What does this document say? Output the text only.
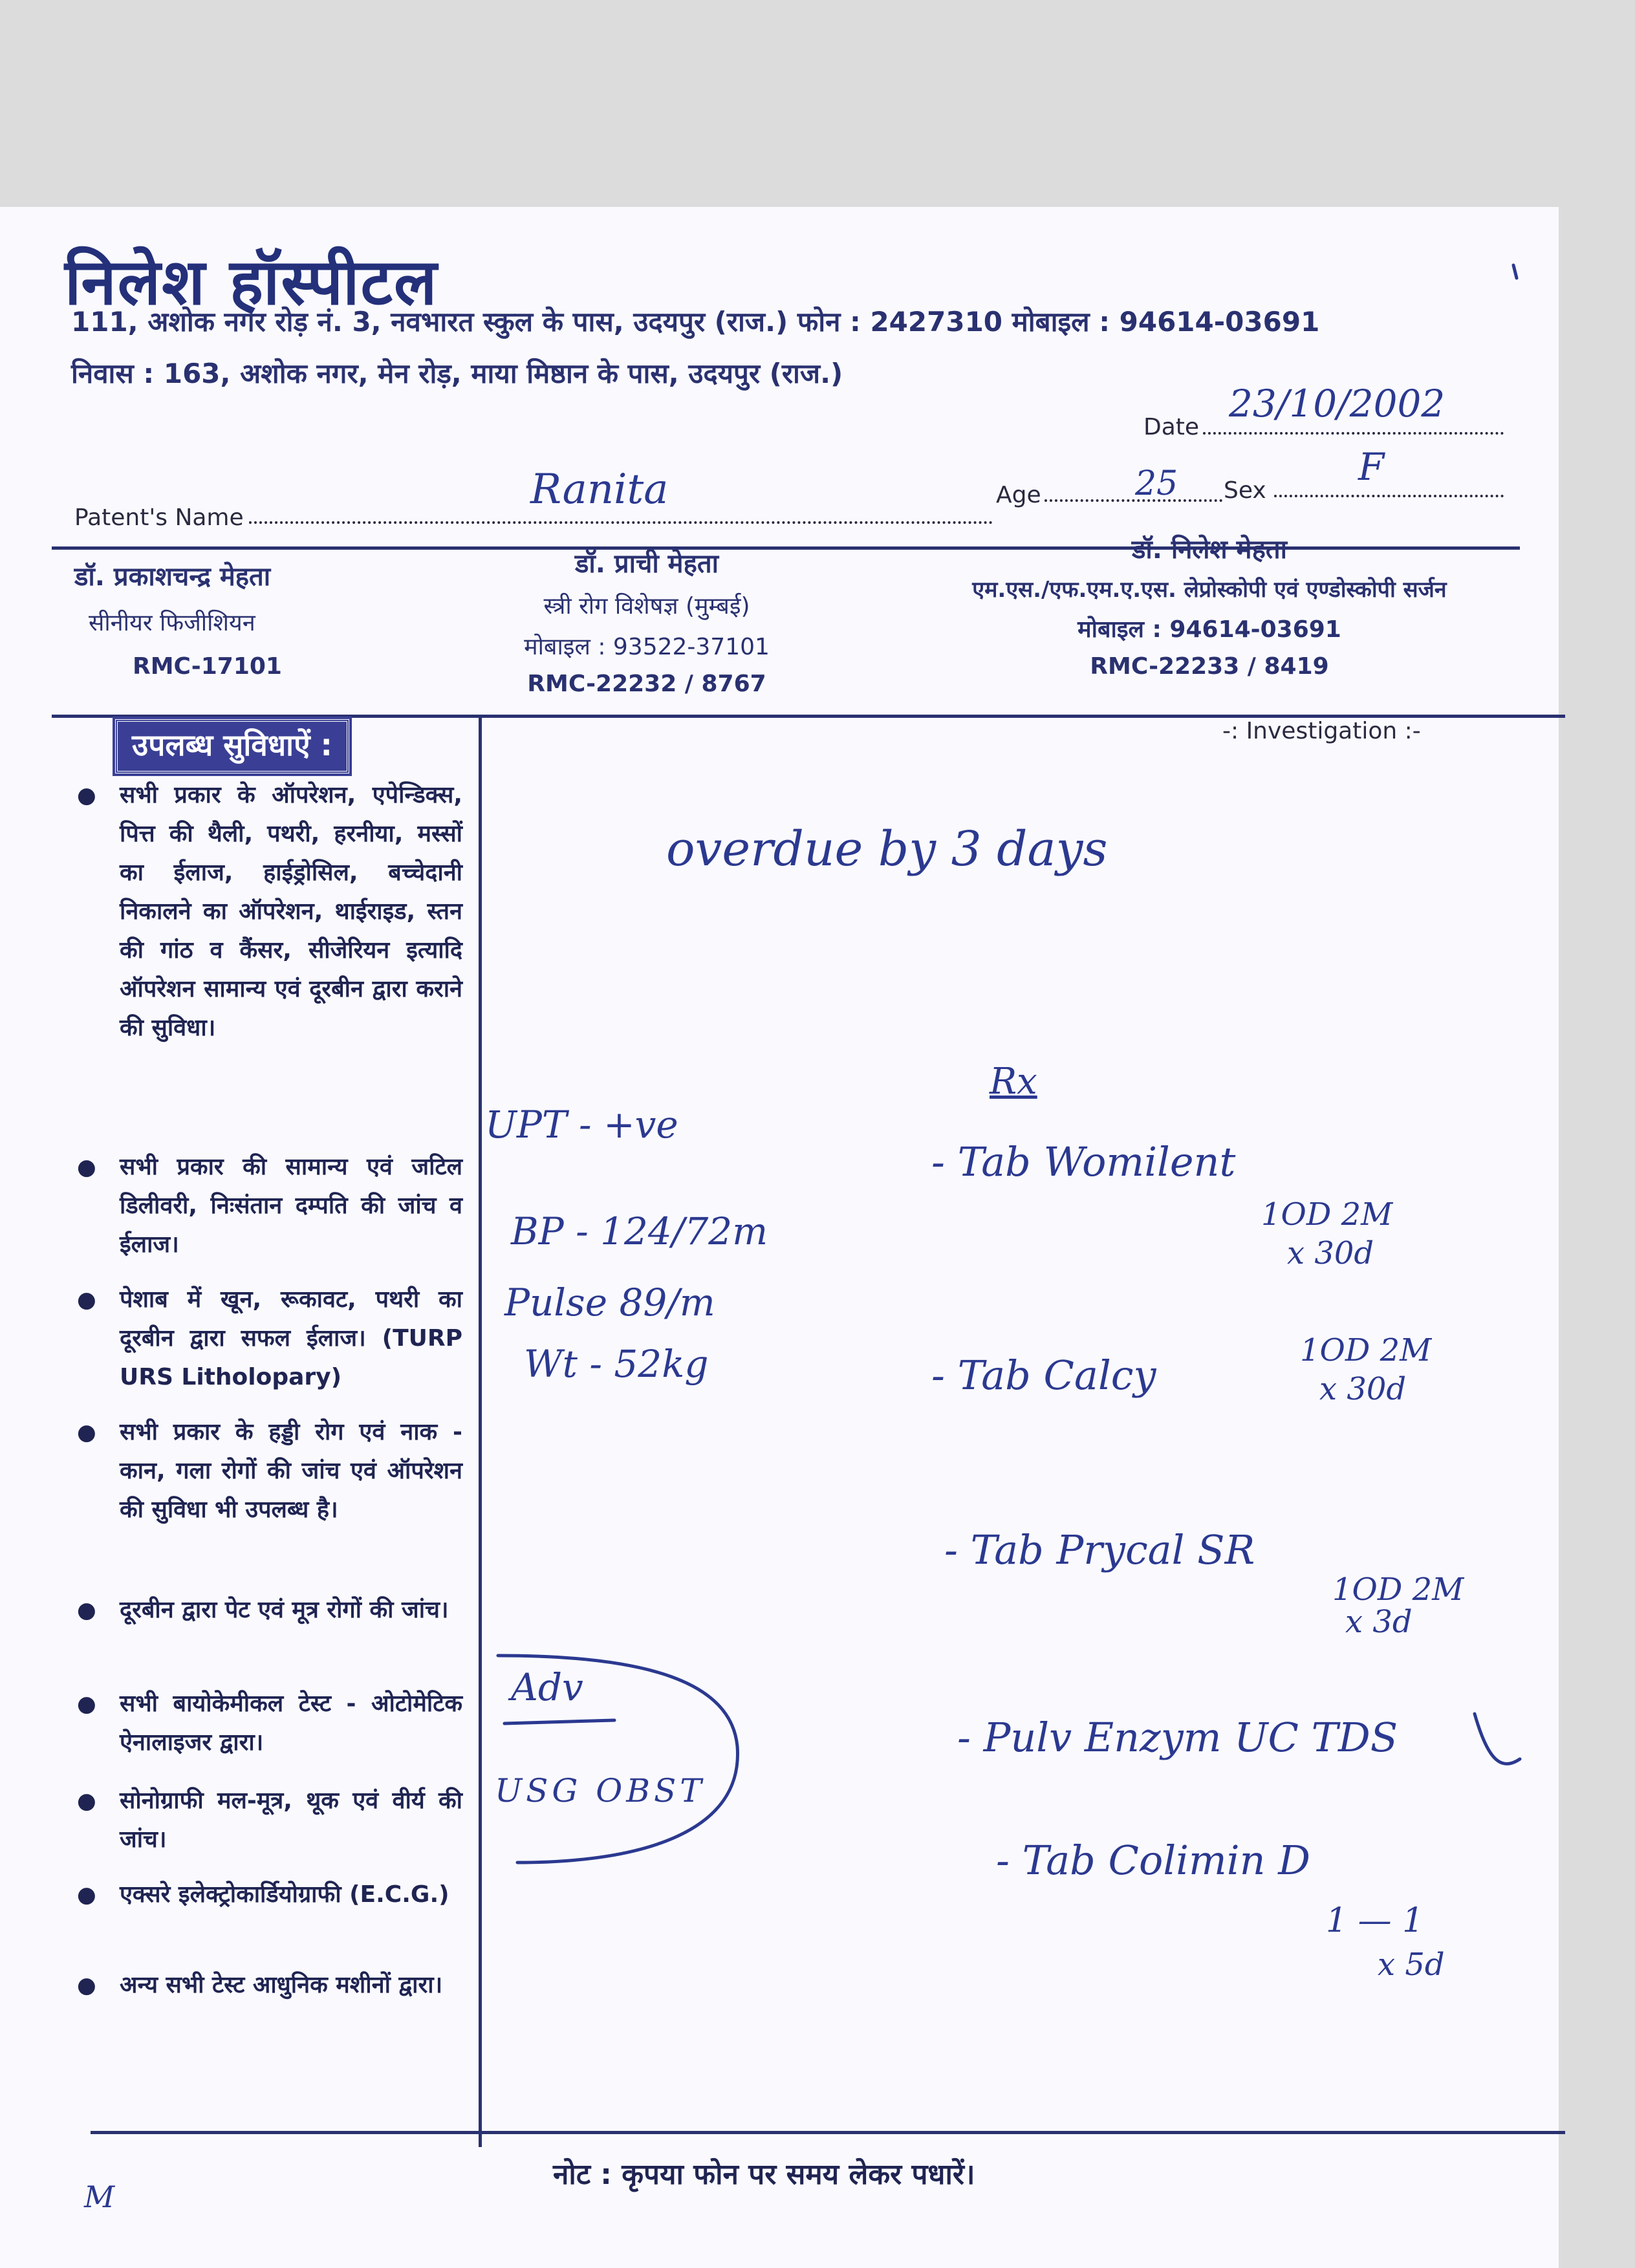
निलेश हॉस्पीटल
111, अशोक नगर रोड़ नं. 3, नवभारत स्कुल के पास, उदयपुर (राज.) फोन : 2427310 मोबाइल : 94614-03691
निवास : 163, अशोक नगर, मेन रोड़, माया मिष्ठान के पास, उदयपुर (राज.)
Date
23/10/2002
Patent's Name
Ranita	Age	25 Sex
F
डॉ. प्रकाशचन्द्र मेहता
सीनीयर फिजीशियन
RMC-17101
डॉ. प्राची मेहता
स्त्री रोग विशेषज्ञ (मुम्बई)
मोबाइल : 93522-37101
RMC-22232 / 8767
डॉ. निलेश मेहता
एम.एस./एफ.एम.ए.एस. लेप्रोस्कोपी एवं एण्डोस्कोपी सर्जन
मोबाइल : 94614-03691
RMC-22233 / 8419
उपलब्ध सुविधाऐं :
● सभी प्रकार के ऑपरेशन, एपेन्डिक्स, पित्त की थैली, पथरी, हरनीया, मस्सों का ईलाज, हाईड्रोसिल, बच्चेदानी निकालने का ऑपरेशन, थाईराइड, स्तन की गांठ व कैंसर, सीजेरियन इत्यादि ऑपरेशन सामान्य एवं दूरबीन द्वारा कराने की सुविधा।
● सभी प्रकार की सामान्य एवं जटिल डिलीवरी, निःसंतान दम्पति की जांच व ईलाज।
● पेशाब में खून, रूकावट, पथरी का दूरबीन द्वारा सफल ईलाज। (TURP URS Litholopary)
● सभी प्रकार के हड्डी रोग एवं नाक - कान, गला रोगों की जांच एवं ऑपरेशन की सुविधा भी उपलब्ध है।
● दूरबीन द्वारा पेट एवं मूत्र रोगों की जांच।
● सभी बायोकेमीकल टेस्ट - ओटोमेटिक ऐनालाइजर द्वारा।
● सोनोग्राफी मल-मूत्र, थूक एवं वीर्य की जांच।
● एक्सरे इलेक्ट्रोकार्डियोग्राफी (E.C.G.)
● अन्य सभी टेस्ट आधुनिक मशीनों द्वारा।
-: Investigation :-
overdue by 3 days
Rx
UPT - +ve
BP - 124/72m
Pulse 89/m
Wt - 52kg
- Tab Womilent
1OD 2M
x 30d
- Tab Calcy
1OD 2M
x 30d
- Tab Prycal SR
1OD 2M
x 3d
- Pulv Enzym UC TDS
- Tab Colimin D
1 — 1
x 5d
Adv
USG OBST
M
नोट : कृपया फोन पर समय लेकर पधारें।
